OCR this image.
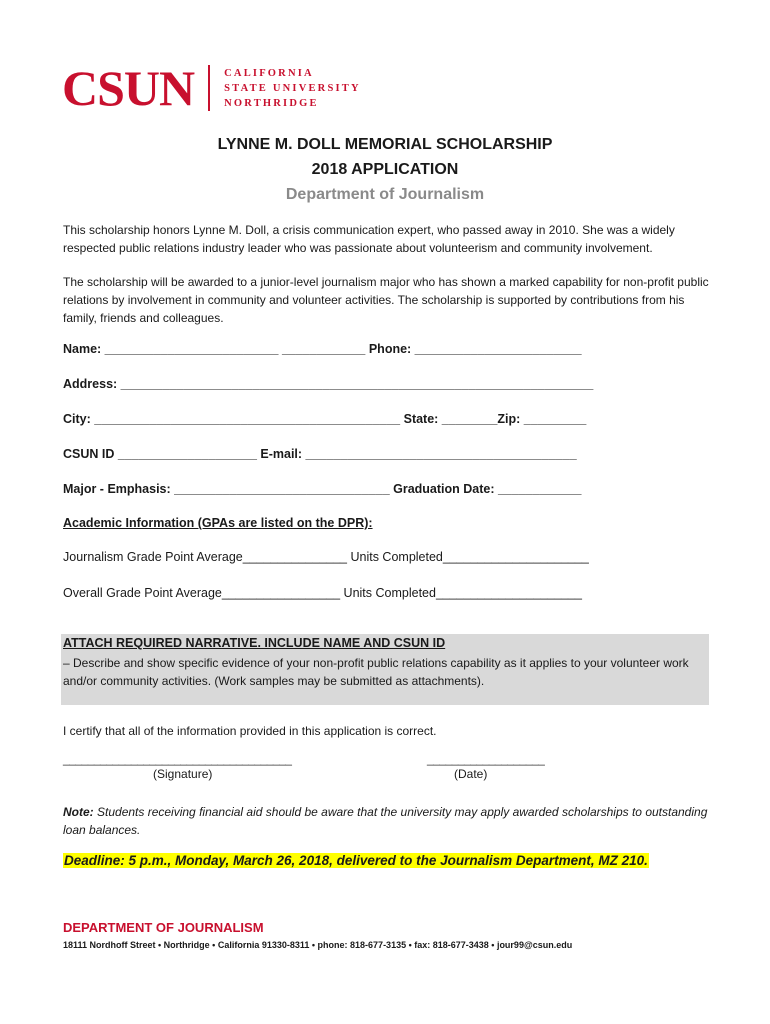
CSUN	CALIFORNIA
STATE UNIVERSITY
NORTHRIDGE
LYNNE M. DOLL MEMORIAL SCHOLARSHIP
2018 APPLICATION
Department of Journalism
This scholarship honors Lynne M. Doll, a crisis communication expert, who passed away in 2010. She was a widely respected public relations industry leader who was passionate about volunteerism and community involvement.
The scholarship will be awarded to a junior-level journalism major who has shown a marked capability for non-profit public relations by involvement in community and volunteer activities. The scholarship is supported by contributions from his family, friends and colleagues.
Name: _________________________ ____________ Phone: ________________________
Address: ____________________________________________________________________
City: ____________________________________________ State: ________Zip: _________
CSUN ID ____________________ E-mail: _______________________________________
Major - Emphasis: _______________________________ Graduation Date: ____________
Academic Information (GPAs are listed on the DPR):
Journalism Grade Point Average_______________ Units Completed_____________________
Overall Grade Point Average_________________ Units Completed_____________________
ATTACH REQUIRED NARRATIVE. INCLUDE NAME AND CSUN ID
– Describe and show specific evidence of your non-profit public relations capability as it applies to your volunteer work and/or community activities. (Work samples may be submitted as attachments).
I certify that all of the information provided in this application is correct.
_____________________________________	___________________
(Signature)	(Date)
Note: Students receiving financial aid should be aware that the university may apply awarded scholarships to outstanding loan balances.
Deadline: 5 p.m., Monday, March 26, 2018, delivered to the Journalism Department, MZ 210.
DEPARTMENT OF JOURNALISM
18111 Nordhoff Street • Northridge • California 91330-8311 • phone: 818-677-3135 • fax: 818-677-3438 • jour99@csun.edu
